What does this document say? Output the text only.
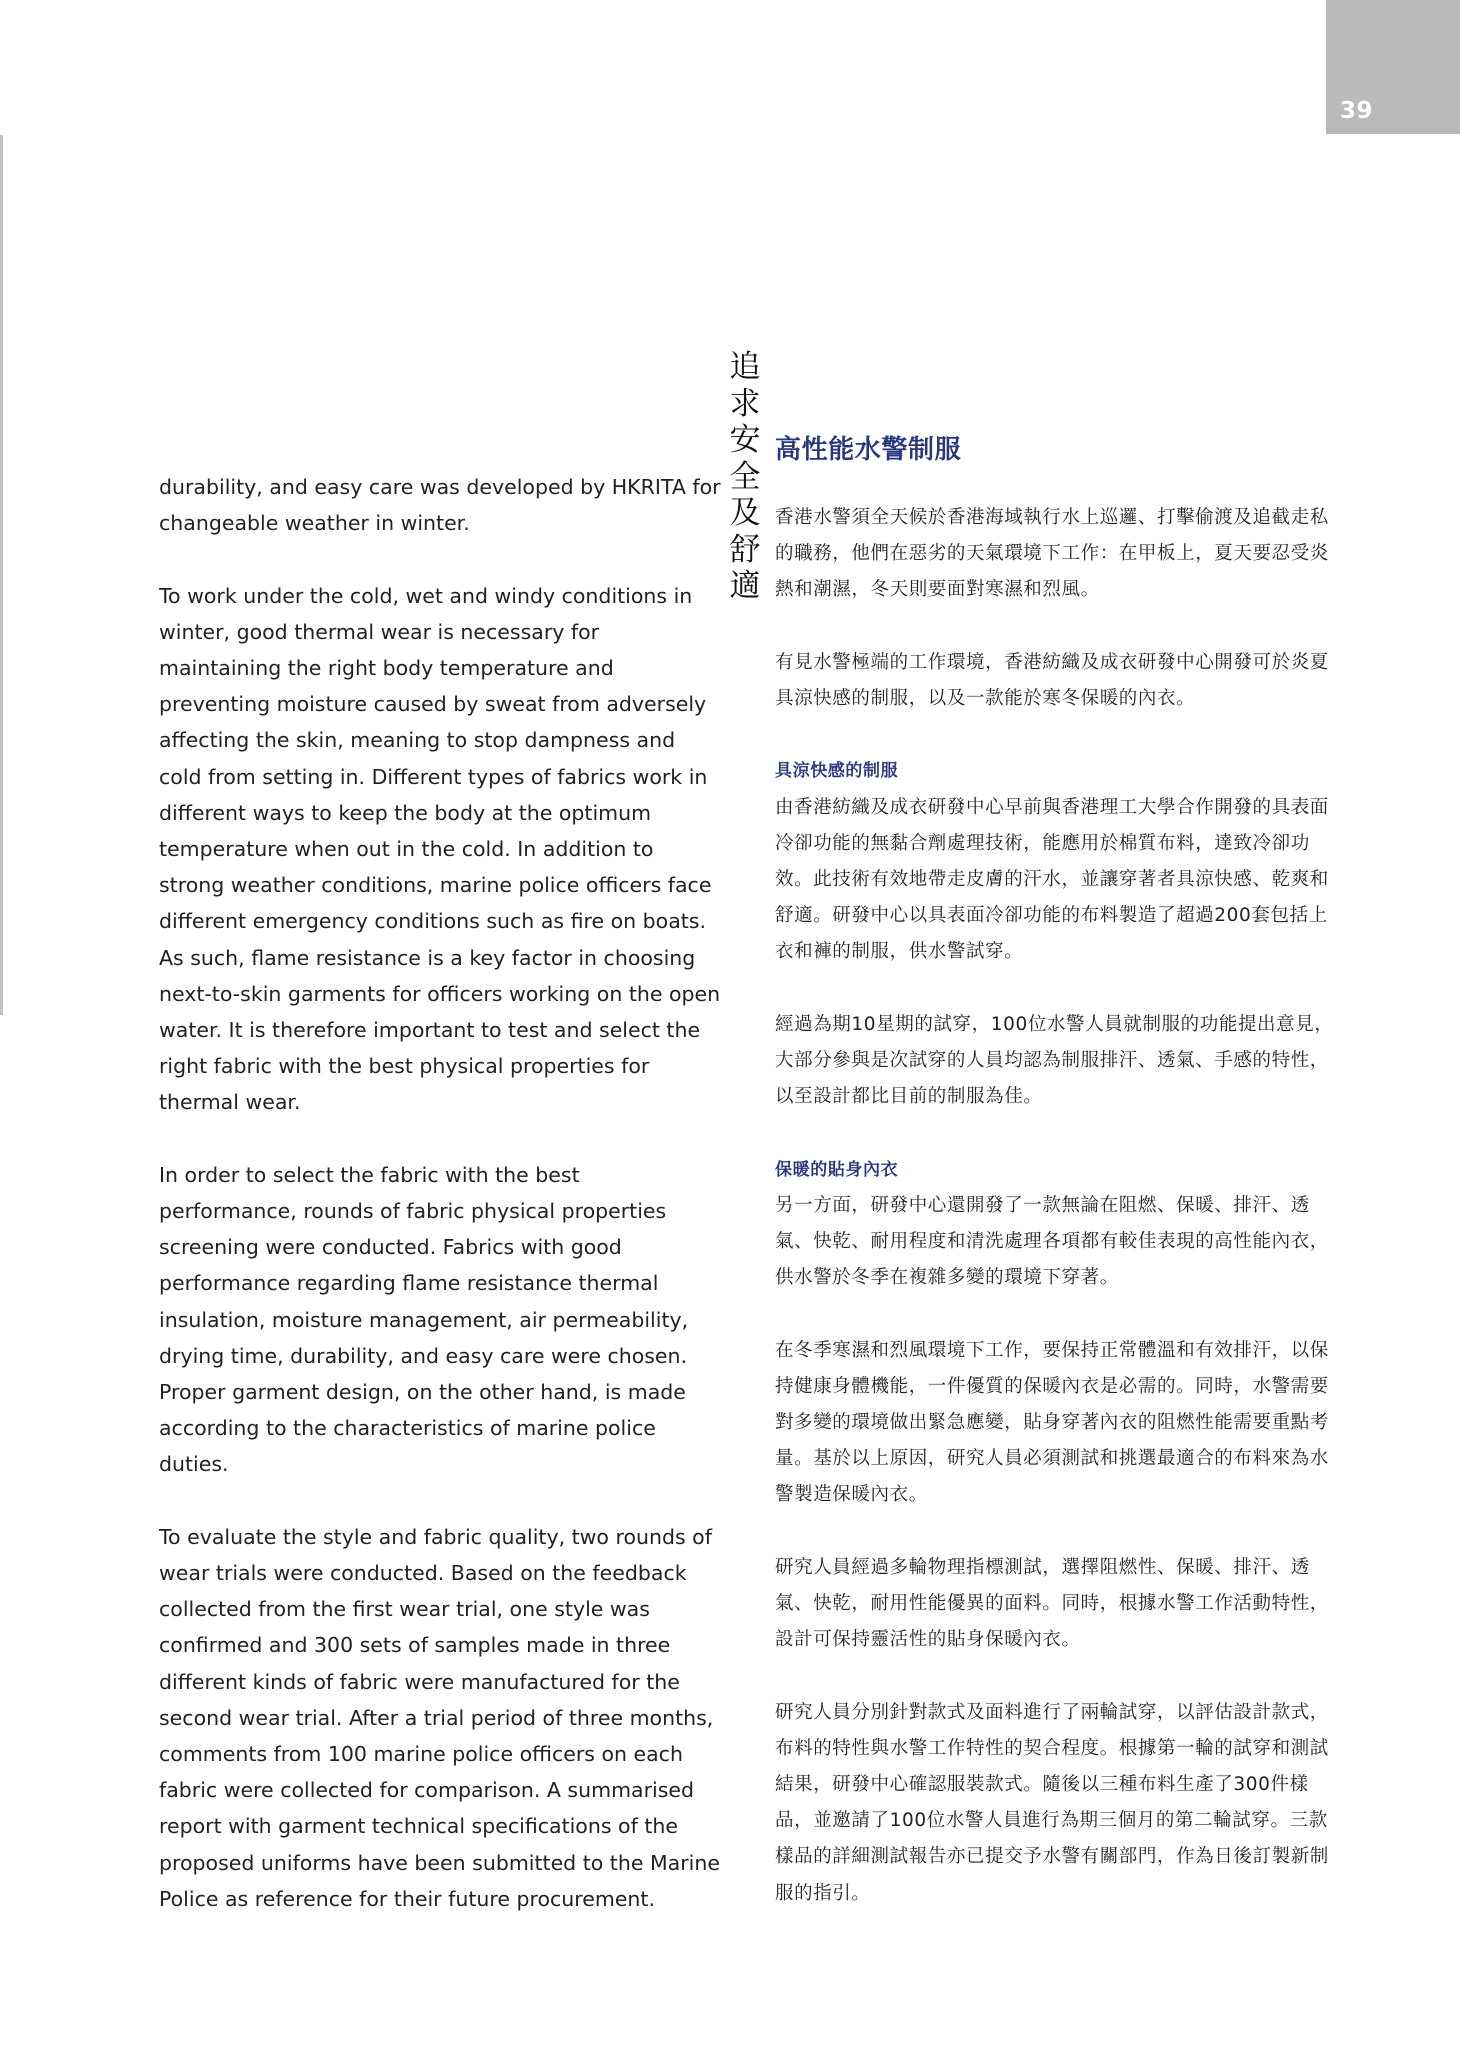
39

durability, and easy care was developed by HKRITA for changeable weather in winter.

To work under the cold, wet and windy conditions in winter, good thermal wear is necessary for maintaining the right body temperature and preventing moisture caused by sweat from adversely affecting the skin, meaning to stop dampness and cold from setting in. Different types of fabrics work in different ways to keep the body at the optimum temperature when out in the cold. In addition to strong weather conditions, marine police officers face different emergency conditions such as fire on boats. As such, flame resistance is a key factor in choosing next-to-skin garments for officers working on the open water. It is therefore important to test and select the right fabric with the best physical properties for thermal wear.

In order to select the fabric with the best performance, rounds of fabric physical properties screening were conducted. Fabrics with good performance regarding flame resistance thermal insulation, moisture management, air permeability, drying time, durability, and easy care were chosen. Proper garment design, on the other hand, is made according to the characteristics of marine police duties.

To evaluate the style and fabric quality, two rounds of wear trials were conducted. Based on the feedback collected from the first wear trial, one style was confirmed and 300 sets of samples made in three different kinds of fabric were manufactured for the second wear trial. After a trial period of three months, comments from 100 marine police officers on each fabric were collected for comparison. A summarised report with garment technical specifications of the proposed uniforms have been submitted to the Marine Police as reference for their future procurement.

追求安全及舒適
高性能水警制服

香港水警須全天候於香港海域執行水上巡邏、打擊偷渡及追截走私的職務，他們在惡劣的天氣環境下工作：在甲板上，夏天要忍受炎熱和潮濕，冬天則要面對寒濕和烈風。

有見水警極端的工作環境，香港紡織及成衣研發中心開發可於炎夏具涼快感的制服，以及一款能於寒冬保暖的內衣。

具涼快感的制服

由香港紡織及成衣研發中心早前與香港理工大學合作開發的具表面冷卻功能的無黏合劑處理技術，能應用於棉質布料，達致冷卻功效。此技術有效地帶走皮膚的汗水，並讓穿著者具涼快感、乾爽和舒適。研發中心以具表面冷卻功能的布料製造了超過200套包括上衣和褲的制服，供水警試穿。

經過為期10星期的試穿，100位水警人員就制服的功能提出意見，大部分參與是次試穿的人員均認為制服排汗、透氣、手感的特性，以至設計都比目前的制服為佳。

保暖的貼身內衣

另一方面，研發中心還開發了一款無論在阻燃、保暖、排汗、透氣、快乾、耐用程度和清洗處理各項都有較佳表現的高性能內衣，供水警於冬季在複雜多變的環境下穿著。

在冬季寒濕和烈風環境下工作，要保持正常體溫和有效排汗，以保持健康身體機能，一件優質的保暖內衣是必需的。同時，水警需要對多變的環境做出緊急應變，貼身穿著內衣的阻燃性能需要重點考量。基於以上原因，研究人員必須測試和挑選最適合的布料來為水警製造保暖內衣。

研究人員經過多輪物理指標測試，選擇阻燃性、保暖、排汗、透氣、快乾，耐用性能優異的面料。同時，根據水警工作活動特性，設計可保持靈活性的貼身保暖內衣。

研究人員分別針對款式及面料進行了兩輪試穿，以評估設計款式，布料的特性與水警工作特性的契合程度。根據第一輪的試穿和測試結果，研發中心確認服裝款式。隨後以三種布料生產了300件樣品，並邀請了100位水警人員進行為期三個月的第二輪試穿。三款樣品的詳細測試報告亦已提交予水警有關部門，作為日後訂製新制服的指引。
